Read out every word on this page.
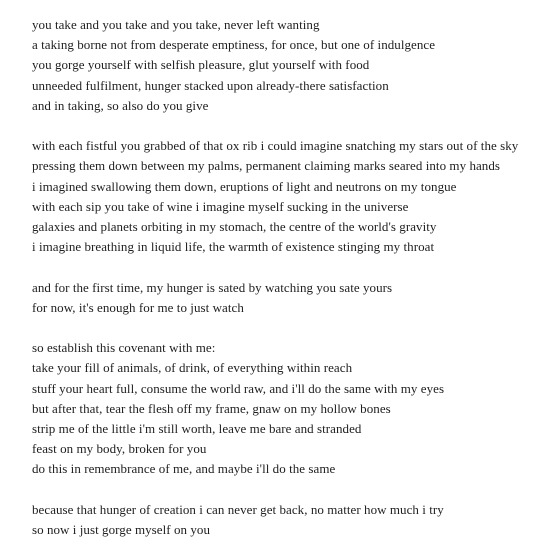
you take and you take and you take, never left wanting
a taking borne not from desperate emptiness, for once, but one of indulgence
you gorge yourself with selfish pleasure, glut yourself with food
unneeded fulfilment, hunger stacked upon already-there satisfaction
and in taking, so also do you give
with each fistful you grabbed of that ox rib i could imagine snatching my stars out of the sky
pressing them down between my palms, permanent claiming marks seared into my hands
i imagined swallowing them down, eruptions of light and neutrons on my tongue
with each sip you take of wine i imagine myself sucking in the universe
galaxies and planets orbiting in my stomach, the centre of the world's gravity
i imagine breathing in liquid life, the warmth of existence stinging my throat
and for the first time, my hunger is sated by watching you sate yours
for now, it's enough for me to just watch
so establish this covenant with me:
take your fill of animals, of drink, of everything within reach
stuff your heart full, consume the world raw, and i'll do the same with my eyes
but after that, tear the flesh off my frame, gnaw on my hollow bones
strip me of the little i'm still worth, leave me bare and stranded
feast on my body, broken for you
do this in remembrance of me, and maybe i'll do the same
because that hunger of creation i can never get back, no matter how much i try
so now i just gorge myself on you
